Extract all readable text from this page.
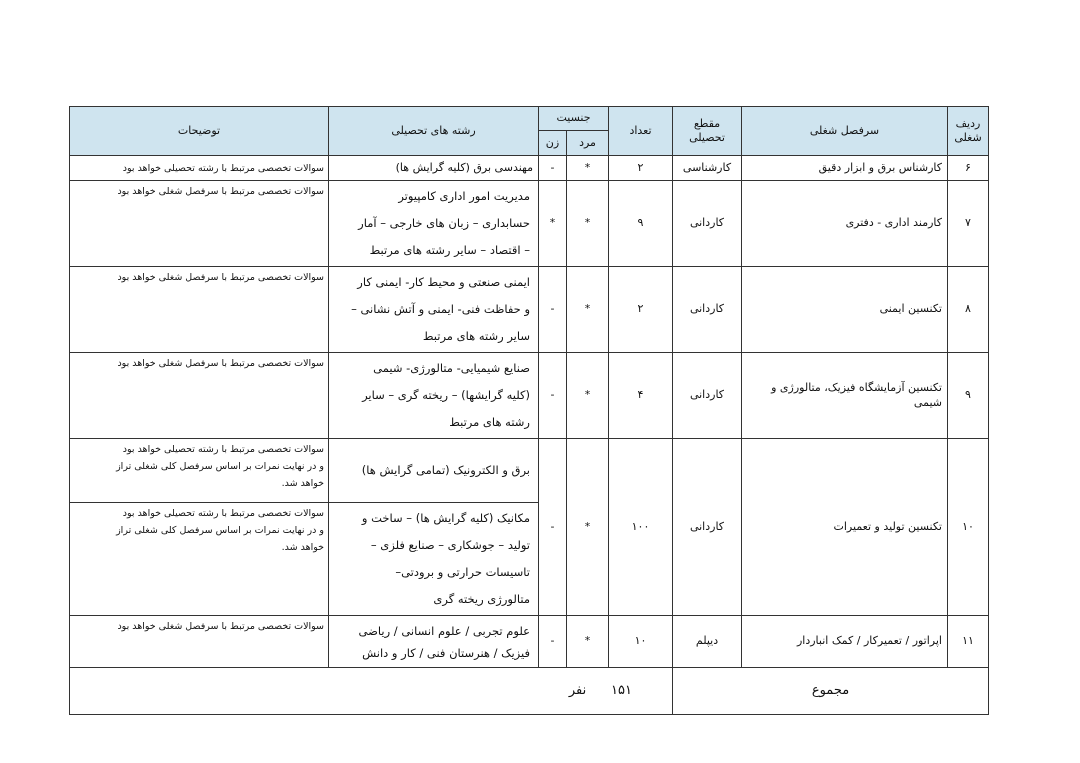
ردیف شغلی	سرفصل شغلی	مقطع تحصیلی	تعداد	جنسیت		رشته های تحصیلی	توضیحات
				مرد	زن		
۶	کارشناس برق و ابزار دقیق	کارشناسی	۲	*	-	مهندسی برق (کلیه گرایش ها)	سوالات تخصصی مرتبط با رشته تحصیلی خواهد بود
۷	کارمند اداری - دفتری	کاردانی	۹	*	*	مدیریت امور اداری کامپیوتر
حسابداری – زبان های خارجی – آمار
– اقتصاد – سایر رشته های مرتبط	سوالات تخصصی مرتبط با سرفصل شغلی خواهد بود
۸	تکنسین ایمنی	کاردانی	۲	*	-	ایمنی صنعتی و محیط کار- ایمنی کار
و حفاظت فنی- ایمنی و آتش نشانی –
سایر رشته های مرتبط	سوالات تخصصی مرتبط با سرفصل شغلی خواهد بود
۹	تکنسین آزمایشگاه فیزیک، متالورژی و شیمی	کاردانی	۴	*	-	صنایع شیمیایی- متالورژی- شیمی
(کلیه گرایشها) – ریخته گری – سایر
رشته های مرتبط	سوالات تخصصی مرتبط با سرفصل شغلی خواهد بود
۱۰	تکنسین تولید و تعمیرات	کاردانی	۱۰۰	*	-	برق و الکترونیک (تمامی گرایش ها)	سوالات تخصصی مرتبط با رشته تحصیلی خواهد بود
و در نهایت نمرات بر اساس سرفصل کلی شغلی تراز
خواهد شد.

						مکانیک (کلیه گرایش ها) – ساخت و
تولید – جوشکاری – صنایع فلزی –
تاسیسات حرارتی و برودتی–
متالورژی ریخته گری	سوالات تخصصی مرتبط با رشته تحصیلی خواهد بود
و در نهایت نمرات بر اساس سرفصل کلی شغلی تراز
خواهد شد.

۱۱	اپراتور / تعمیرکار / کمک انباردار	دیپلم	۱۰	*	-	علوم تجربی / علوم انسانی / ریاضی
فیزیک / هنرستان فنی / کار و دانش	سوالات تخصصی مرتبط با سرفصل شغلی خواهد بود
مجموع			۱۵۱      نفر				
